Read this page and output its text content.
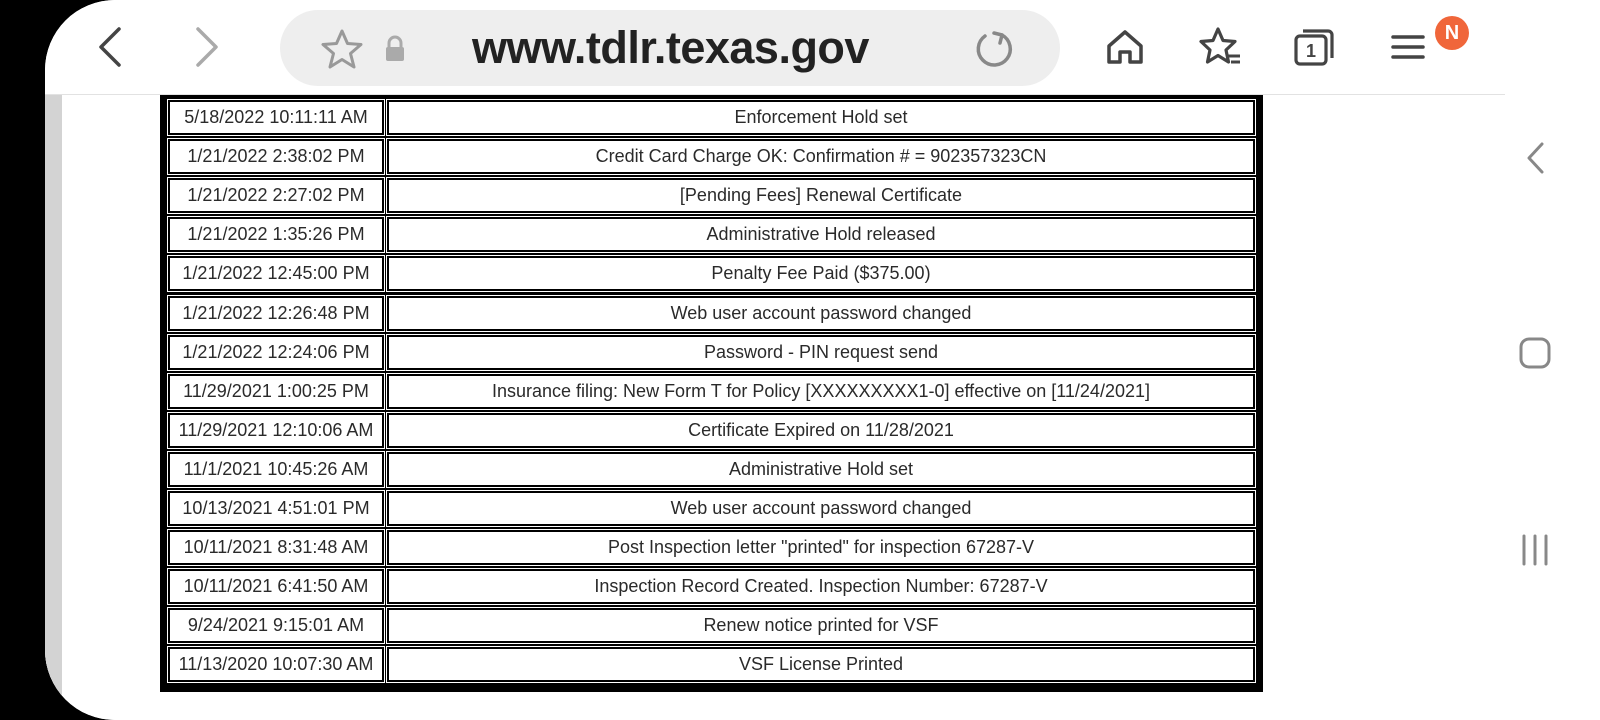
www.tdlr.texas.gov	1
N
5/18/2022 10:11:11 AM	Enforcement Hold set
1/21/2022 2:38:02 PM	Credit Card Charge OK: Confirmation # = 902357323CN
1/21/2022 2:27:02 PM	[Pending Fees] Renewal Certificate
1/21/2022 1:35:26 PM	Administrative Hold released
1/21/2022 12:45:00 PM	Penalty Fee Paid ($375.00)
1/21/2022 12:26:48 PM	Web user account password changed
1/21/2022 12:24:06 PM	Password - PIN request send
11/29/2021 1:00:25 PM	Insurance filing: New Form T for Policy [XXXXXXXXX1-0] effective on [11/24/2021]
11/29/2021 12:10:06 AM	Certificate Expired on 11/28/2021
11/1/2021 10:45:26 AM	Administrative Hold set
10/13/2021 4:51:01 PM	Web user account password changed
10/11/2021 8:31:48 AM	Post Inspection letter "printed" for inspection 67287-V
10/11/2021 6:41:50 AM	Inspection Record Created. Inspection Number: 67287-V
9/24/2021 9:15:01 AM	Renew notice printed for VSF
11/13/2020 10:07:30 AM	VSF License Printed
